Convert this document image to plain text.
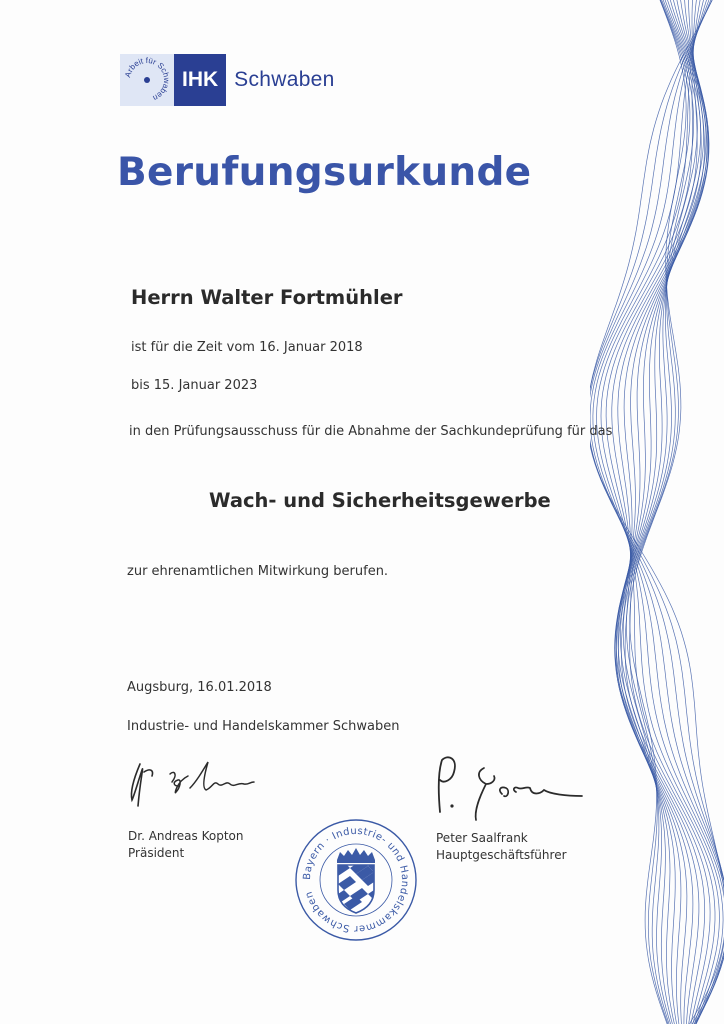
Arbeit für Schwaben
IHK Schwaben
Berufungsurkunde
Herrn Walter Fortmühler
ist für die Zeit vom 16. Januar 2018
bis 15. Januar 2023
in den Prüfungsausschuss für die Abnahme der Sachkundeprüfung für das
Wach- und Sicherheitsgewerbe
zur ehrenamtlichen Mitwirkung berufen.
Augsburg, 16.01.2018
Industrie- und Handelskammer Schwaben
Dr. Andreas Kopton
Präsident
Peter Saalfrank
Hauptgeschäftsführer
Bayern · Industrie- und Handelskammer Schwaben
